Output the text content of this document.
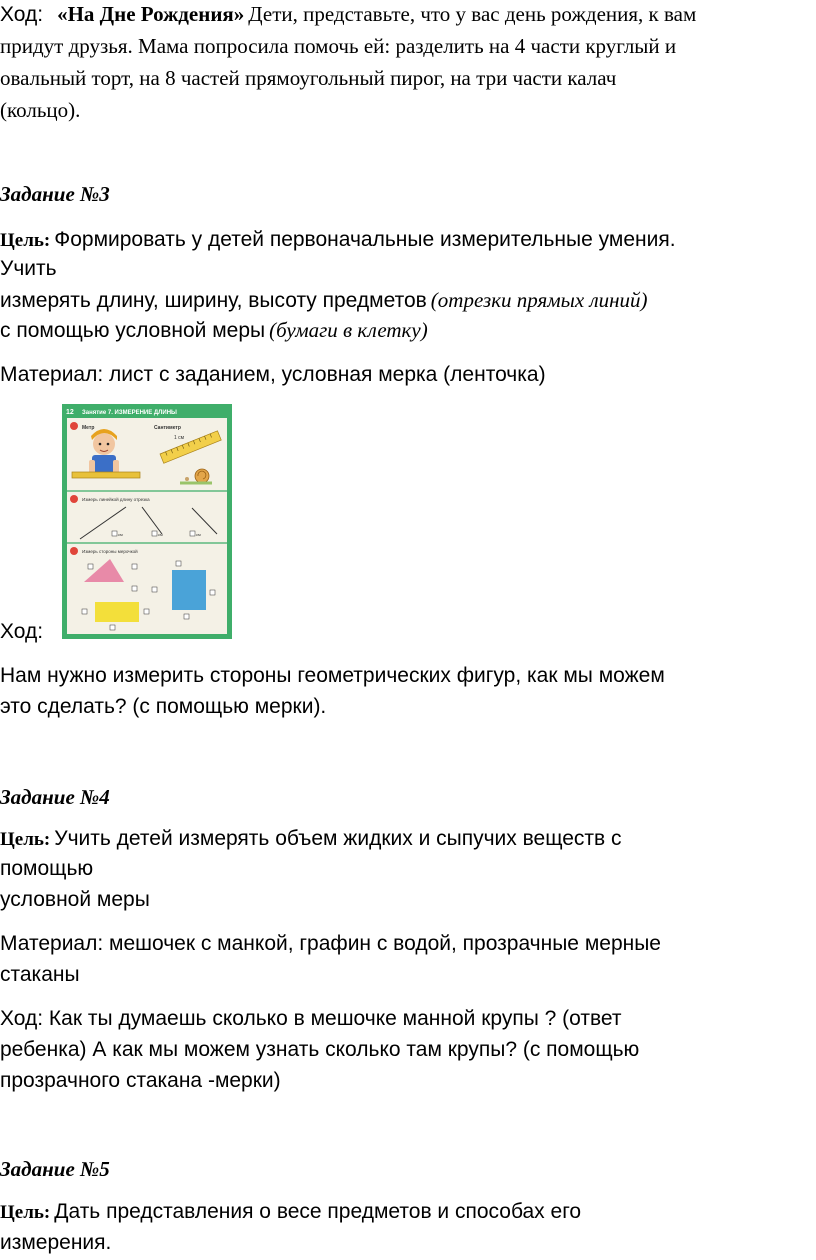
Ход: «На Дне Рождения» Дети, представьте, что у вас день рождения, к вам
придут друзья. Мама попросила помочь ей: разделить на 4 части круглый и
овальный торт, на 8 частей прямоугольный пирог, на три части калач
(кольцо).
Задание №3
Цель: Формировать у детей первоначальные измерительные умения.
Учить
измерять длину, ширину, высоту предметов (отрезки прямых линий)
с помощью условной меры (бумаги в клетку)
Материал: лист с заданием, условная мерка (ленточка)
12 Занятие 7. ИЗМЕРЕНИЕ ДЛИНЫ
Метр	Сантиметр
1 см
Измерь линейкой длину отрезка
см	см	см
Измерь стороны мерочкой
Ход:
Нам нужно измерить стороны геометрических фигур, как мы можем
это сделать? (с помощью мерки).
Задание №4
Цель: Учить детей измерять объем жидких и сыпучих веществ с
помощью
условной меры
Материал: мешочек с манкой, графин с водой, прозрачные мерные
стаканы
Ход: Как ты думаешь сколько в мешочке манной крупы ? (ответ
ребенка) А как мы можем узнать сколько там крупы? (с помощью
прозрачного стакана -мерки)
Задание №5
Цель: Дать представления о весе предметов и способах его
измерения.
